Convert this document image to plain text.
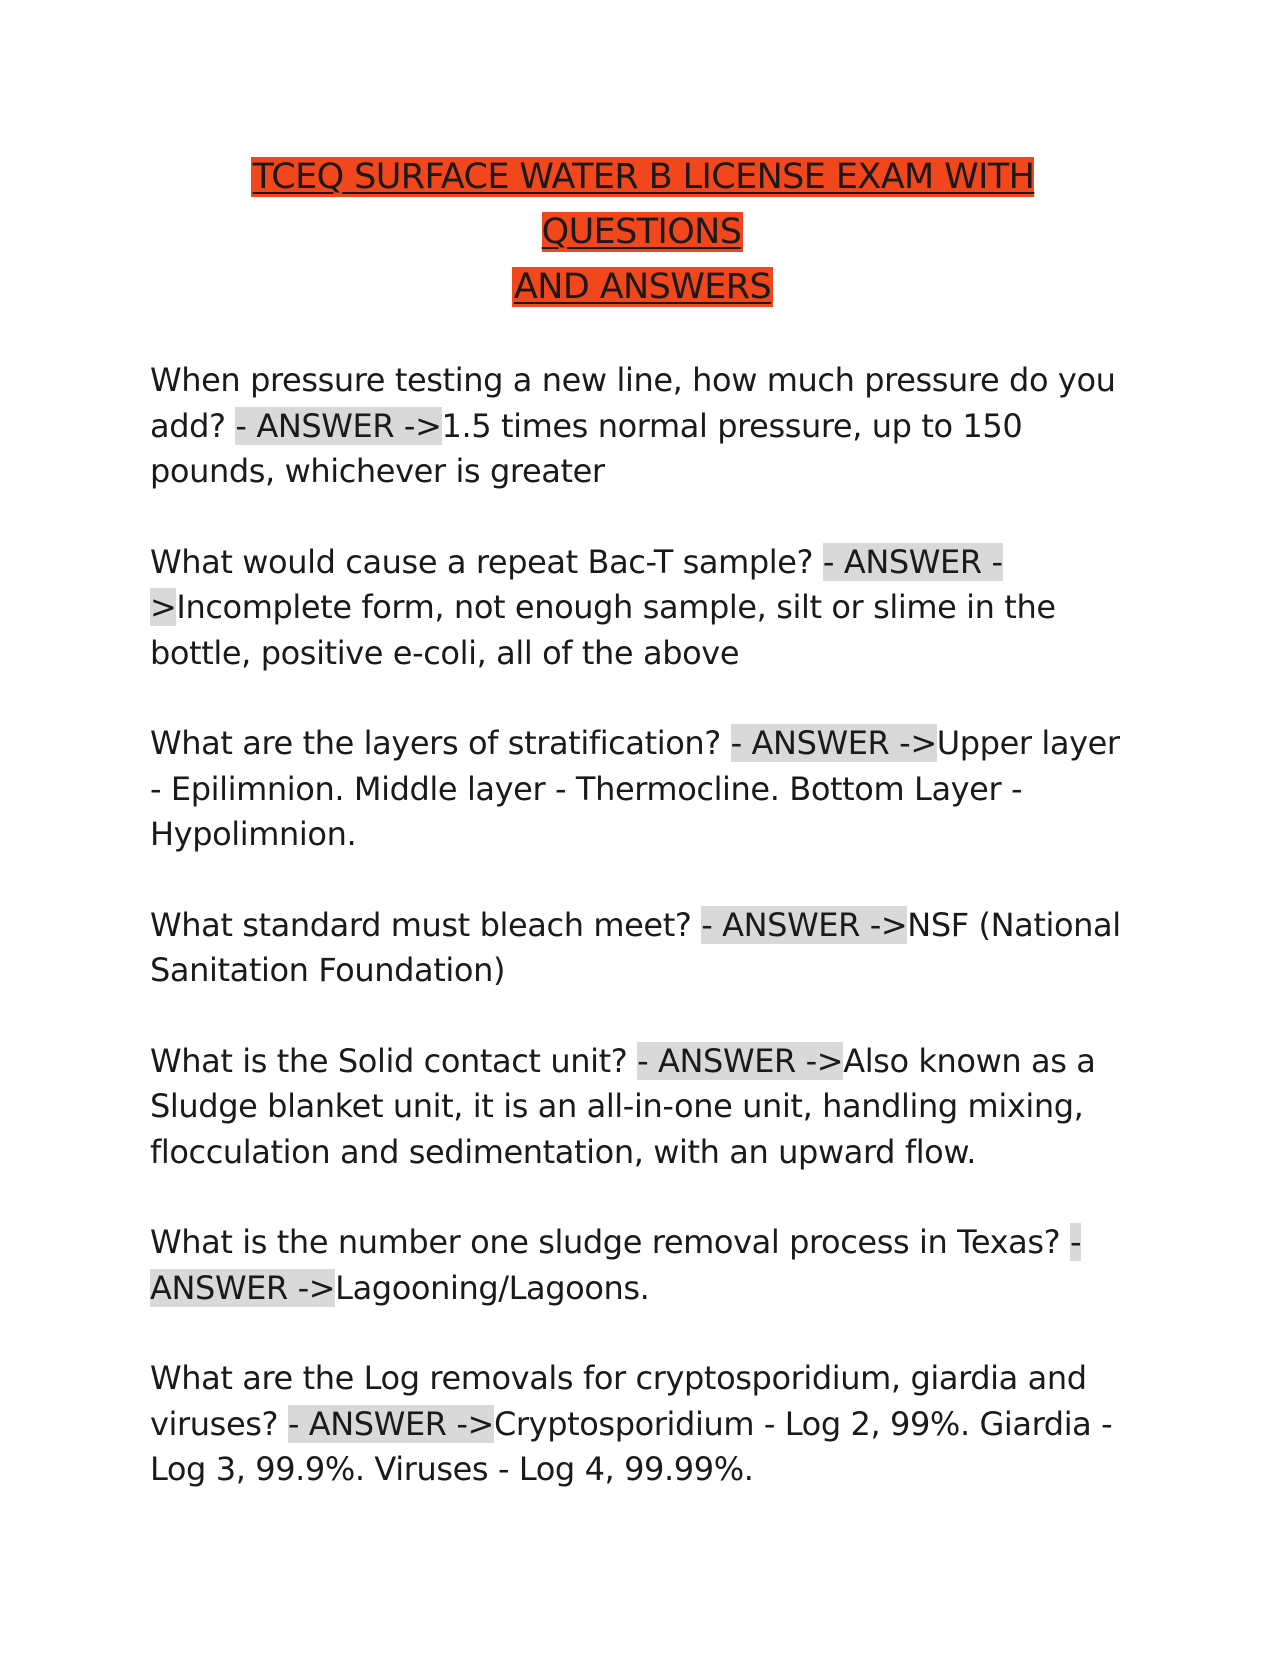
TCEQ SURFACE WATER B LICENSE EXAM WITH QUESTIONS
AND ANSWERS

When pressure testing a new line, how much pressure do you add? - ANSWER ->1.5 times normal pressure, up to 150 pounds, whichever is greater

What would cause a repeat Bac-T sample? - ANSWER ->Incomplete form, not enough sample, silt or slime in the bottle, positive e-coli, all of the above

What are the layers of stratification? - ANSWER ->Upper layer - Epilimnion. Middle layer - Thermocline. Bottom Layer - Hypolimnion.

What standard must bleach meet? - ANSWER ->NSF (National Sanitation Foundation)

What is the Solid contact unit? - ANSWER ->Also known as a Sludge blanket unit, it is an all-in-one unit, handling mixing, flocculation and sedimentation, with an upward flow.

What is the number one sludge removal process in Texas? - ANSWER ->Lagooning/Lagoons.

What are the Log removals for cryptosporidium, giardia and viruses? - ANSWER ->Cryptosporidium - Log 2, 99%. Giardia - Log 3, 99.9%. Viruses - Log 4, 99.99%.
